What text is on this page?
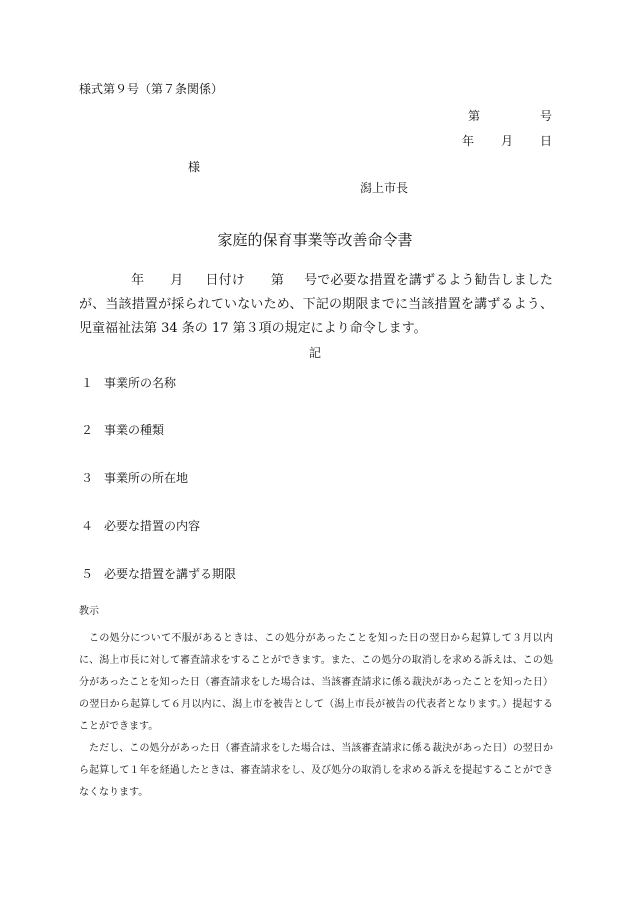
様式第９号（第７条関係）
第	号
年 月 日
様
潟上市長
家庭的保育事業等改善命令書

年 月 日付け 第 号で必要な措置を講ずるよう勧告しましたが、当該措置が採られていないため、下記の期限までに当該措置を講ずるよう、児童福祉法第 34 条の 17 第３項の規定により命令します。

記
１ 事業所の名称
２ 事業の種類
３ 事業所の所在地
４ 必要な措置の内容
５ 必要な措置を講ずる期限
教示

この処分について不服があるときは、この処分があったことを知った日の翌日から起算して３月以内に、潟上市長に対して審査請求をすることができます。また、この処分の取消しを求める訴えは、この処分があったことを知った日（審査請求をした場合は、当該審査請求に係る裁決があったことを知った日）の翌日から起算して６月以内に、潟上市を被告として（潟上市長が被告の代表者となります。）提起することができます。

ただし、この処分があった日（審査請求をした場合は、当該審査請求に係る裁決があった日）の翌日から起算して１年を経過したときは、審査請求をし、及び処分の取消しを求める訴えを提起することができなくなります。
